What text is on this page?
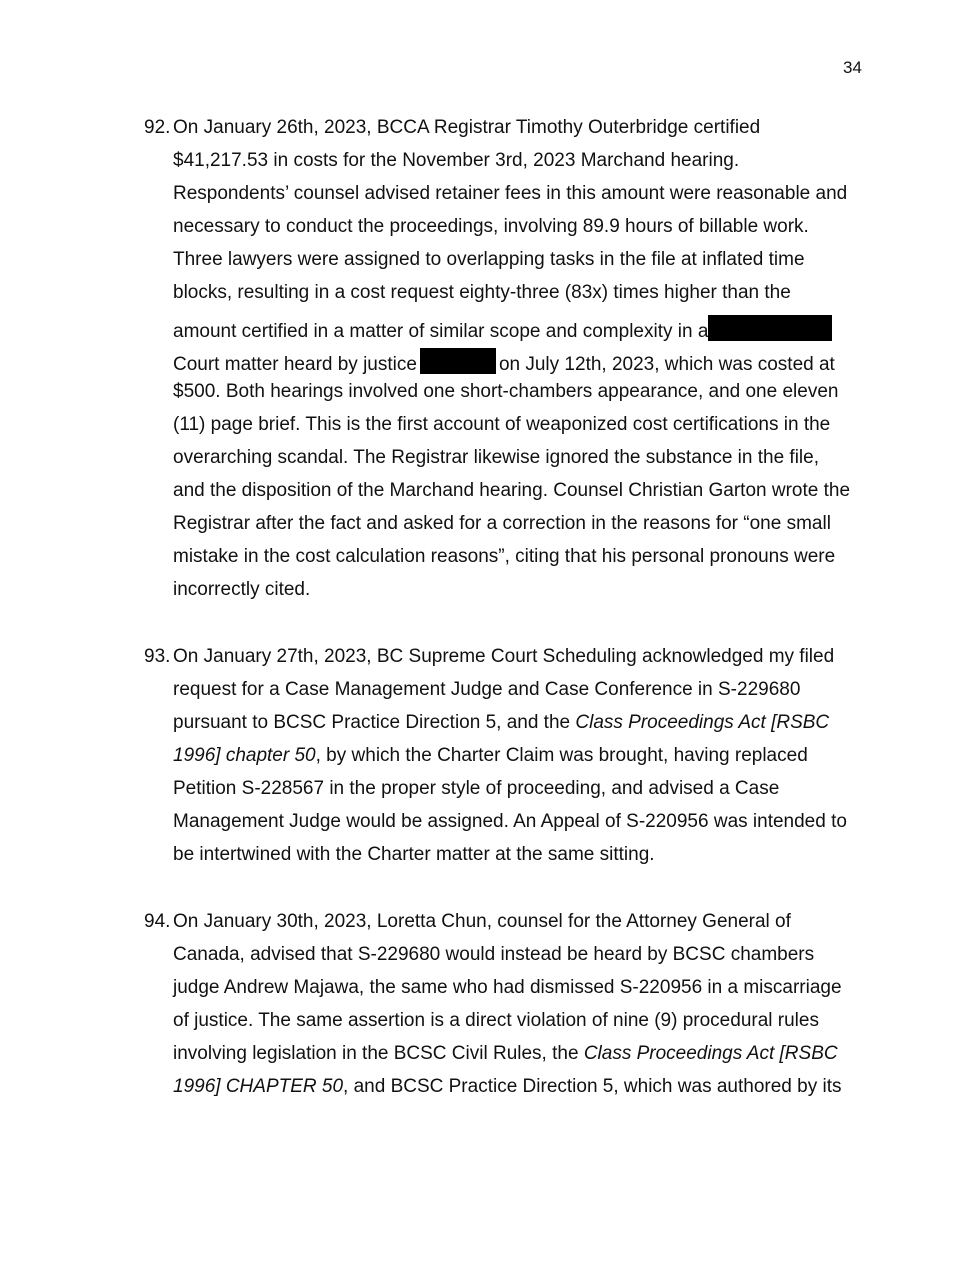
34
92. On January 26th, 2023, BCCA Registrar Timothy Outerbridge certified
$41,217.53 in costs for the November 3rd, 2023 Marchand hearing.
Respondents’ counsel advised retainer fees in this amount were reasonable and
necessary to conduct the proceedings, involving 89.9 hours of billable work.
Three lawyers were assigned to overlapping tasks in the file at inflated time
blocks, resulting in a cost request eighty-three (83x) times higher than the
amount certified in a matter of similar scope and complexity in a
Court matter heard by justice	on July 12th, 2023, which was costed at
$500. Both hearings involved one short-chambers appearance, and one eleven
(11) page brief. This is the first account of weaponized cost certifications in the
overarching scandal. The Registrar likewise ignored the substance in the file,
and the disposition of the Marchand hearing. Counsel Christian Garton wrote the
Registrar after the fact and asked for a correction in the reasons for “one small
mistake in the cost calculation reasons”, citing that his personal pronouns were
incorrectly cited.
93. On January 27th, 2023, BC Supreme Court Scheduling acknowledged my filed
request for a Case Management Judge and Case Conference in S-229680
pursuant to BCSC Practice Direction 5, and the Class Proceedings Act [RSBC
1996] chapter 50, by which the Charter Claim was brought, having replaced
Petition S-228567 in the proper style of proceeding, and advised a Case
Management Judge would be assigned. An Appeal of S-220956 was intended to
be intertwined with the Charter matter at the same sitting.
94. On January 30th, 2023, Loretta Chun, counsel for the Attorney General of
Canada, advised that S-229680 would instead be heard by BCSC chambers
judge Andrew Majawa, the same who had dismissed S-220956 in a miscarriage
of justice. The same assertion is a direct violation of nine (9) procedural rules
involving legislation in the BCSC Civil Rules, the Class Proceedings Act [RSBC
1996] CHAPTER 50, and BCSC Practice Direction 5, which was authored by its
